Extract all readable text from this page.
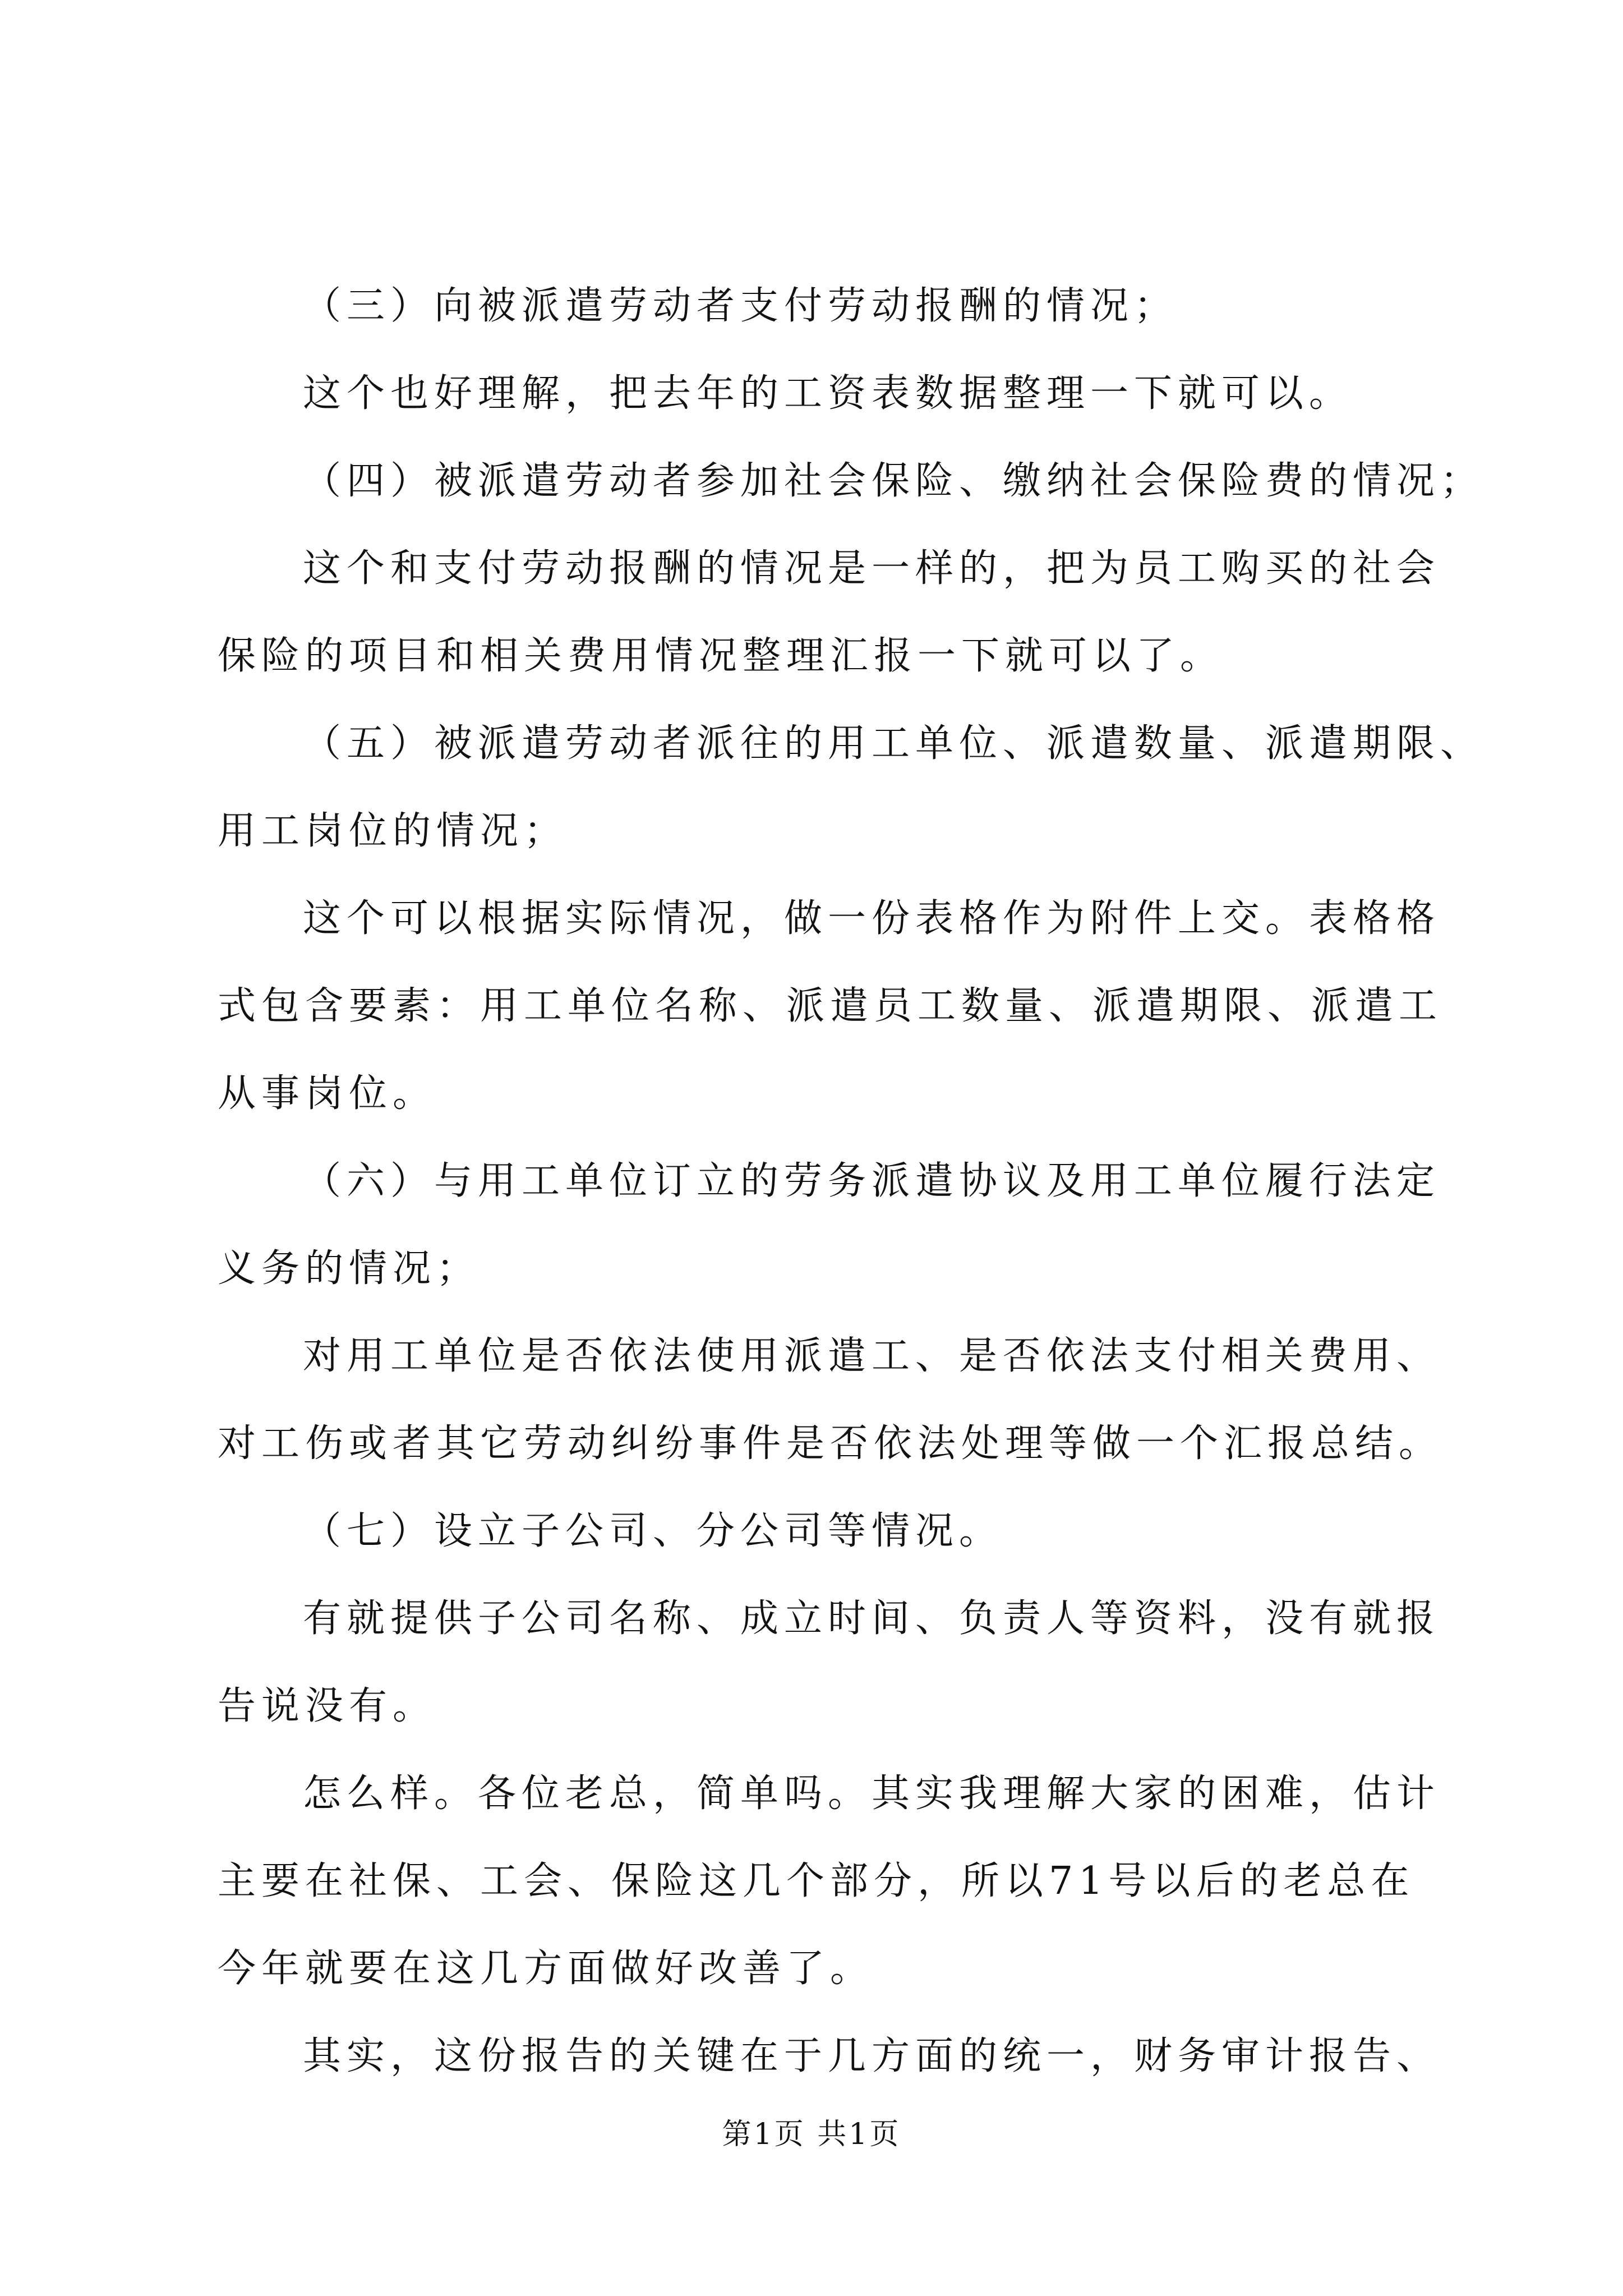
（三）向被派遣劳动者支付劳动报酬的情况；
这个也好理解，把去年的工资表数据整理一下就可以。
（四）被派遣劳动者参加社会保险、缴纳社会保险费的情况；
这个和支付劳动报酬的情况是一样的，把为员工购买的社会
保险的项目和相关费用情况整理汇报一下就可以了。
（五）被派遣劳动者派往的用工单位、派遣数量、派遣期限、
用工岗位的情况；
这个可以根据实际情况，做一份表格作为附件上交。表格格
式包含要素：用工单位名称、派遣员工数量、派遣期限、派遣工
从事岗位。
（六）与用工单位订立的劳务派遣协议及用工单位履行法定
义务的情况；
对用工单位是否依法使用派遣工、是否依法支付相关费用、
对工伤或者其它劳动纠纷事件是否依法处理等做一个汇报总结。
（七）设立子公司、分公司等情况。
有就提供子公司名称、成立时间、负责人等资料，没有就报
告说没有。
怎么样。各位老总，简单吗。其实我理解大家的困难，估计
主要在社保、工会、保险这几个部分，所以71号以后的老总在
今年就要在这几方面做好改善了。
其实，这份报告的关键在于几方面的统一，财务审计报告、
第1页 共1页
